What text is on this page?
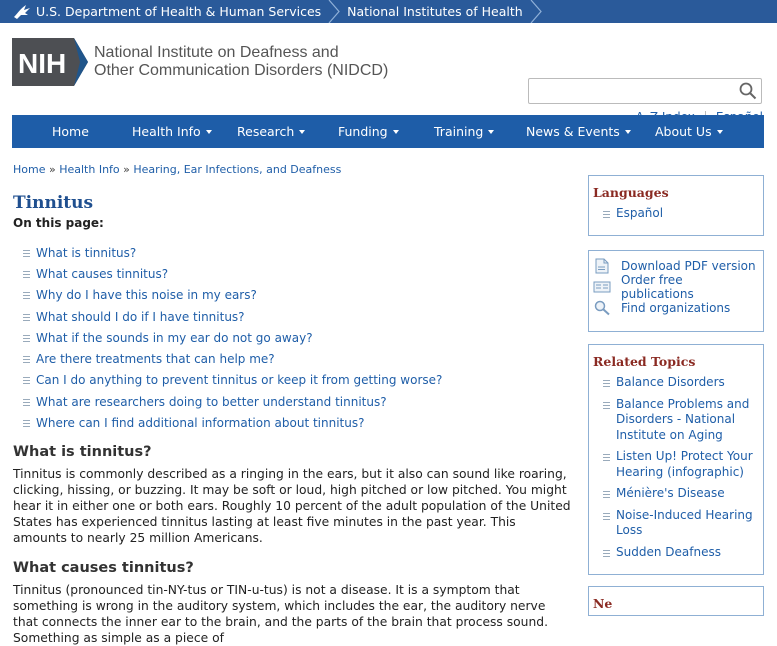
U.S. Department of Health & Human Services National Institutes of Health
NIH National Institute on Deafness and
Other Communication Disorders (NIDCD)
Home	Health Info	Research	Funding	Training	News & Events	About Us
Home » Health Info » Hearing, Ear Infections, and Deafness
Tinnitus
On this page:
What is tinnitus?
What causes tinnitus?
Why do I have this noise in my ears?
What should I do if I have tinnitus?
What if the sounds in my ear do not go away?
Are there treatments that can help me?
Can I do anything to prevent tinnitus or keep it from getting worse?
What are researchers doing to better understand tinnitus?
Where can I find additional information about tinnitus?
What is tinnitus?

Tinnitus is commonly described as a ringing in the ears, but it also can sound like roaring, clicking, hissing, or buzzing. It may be soft or loud, high pitched or low pitched. You might hear it in either one or both ears. Roughly 10 percent of the adult population of the United States has experienced tinnitus lasting at least five minutes in the past year. This amounts to nearly 25 million Americans.

What causes tinnitus?

Tinnitus (pronounced tin-NY-tus or TIN-u-tus) is not a disease. It is a symptom that something is wrong in the auditory system, which includes the ear, the auditory nerve that connects the inner ear to the brain, and the parts of the brain that process sound. Something as simple as a piece of

Languages
Español
Download PDF version
Order free publications
Find organizations
Related Topics
Balance Disorders
Balance Problems and Disorders - National Institute on Aging
Listen Up! Protect Your Hearing (infographic)
Ménière's Disease
Noise-Induced Hearing Loss
Sudden Deafness
Ne
